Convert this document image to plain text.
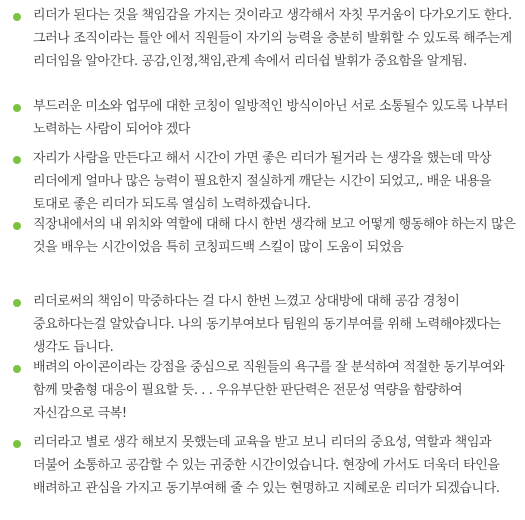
리더가 된다는 것을 책임감을 가지는 것이라고 생각해서 자칫 무거움이 다가오기도 한다. 그러나 조직이라는 틀안 에서 직원들이 자기의 능력을 충분히 발휘할 수 있도록 해주는게 리더임을 알아간다. 공감,인정,책임,관계 속에서 리더쉽 발휘가 중요함을 알게됨.
부드러운 미소와 업무에 대한 코칭이 일방적인 방식이아닌 서로 소통될수 있도록 나부터 노력하는 사람이 되어야 겠다
자리가 사람을 만든다고 해서 시간이 가면 좋은 리더가 될거라 는 생각을 했는데 막상 리더에게 얼마나 많은 능력이 필요한지 절실하게 깨닫는 시간이 되었고,. 배운 내용을 토대로 좋은 리더가 되도록 열심히 노력하겠습니다.
직장내에서의 내 위치와 역할에 대해 다시 한번 생각해 보고 어떻게 행동해야 하는지 많은 것을 배우는 시간이었음 특히 코칭피드백 스킬이 많이 도움이 되었음
리더로써의 책임이 막중하다는 걸 다시 한번 느꼈고 상대방에 대해 공감 경청이 중요하다는걸 알았습니다. 나의 동기부여보다 팀원의 동기부여를 위해 노력해야겠다는 생각도 듭니다.
배려의 아이콘이라는 강점을 중심으로 직원들의 욕구를 잘 분석하여 적절한 동기부여와 함께 맞춤형 대응이 필요할 듯. . . 우유부단한 판단력은 전문성 역량을 함량하여 자신감으로 극복!
리더라고 별로 생각 해보지 못했는데 교육을 받고 보니 리더의 중요성, 역할과 책임과 더불어 소통하고 공감할 수 있는 귀중한 시간이었습니다. 현장에 가서도 더욱더 타인을 배려하고 관심을 가지고 동기부여해 줄 수 있는 현명하고 지혜로운 리더가 되겠습니다.
